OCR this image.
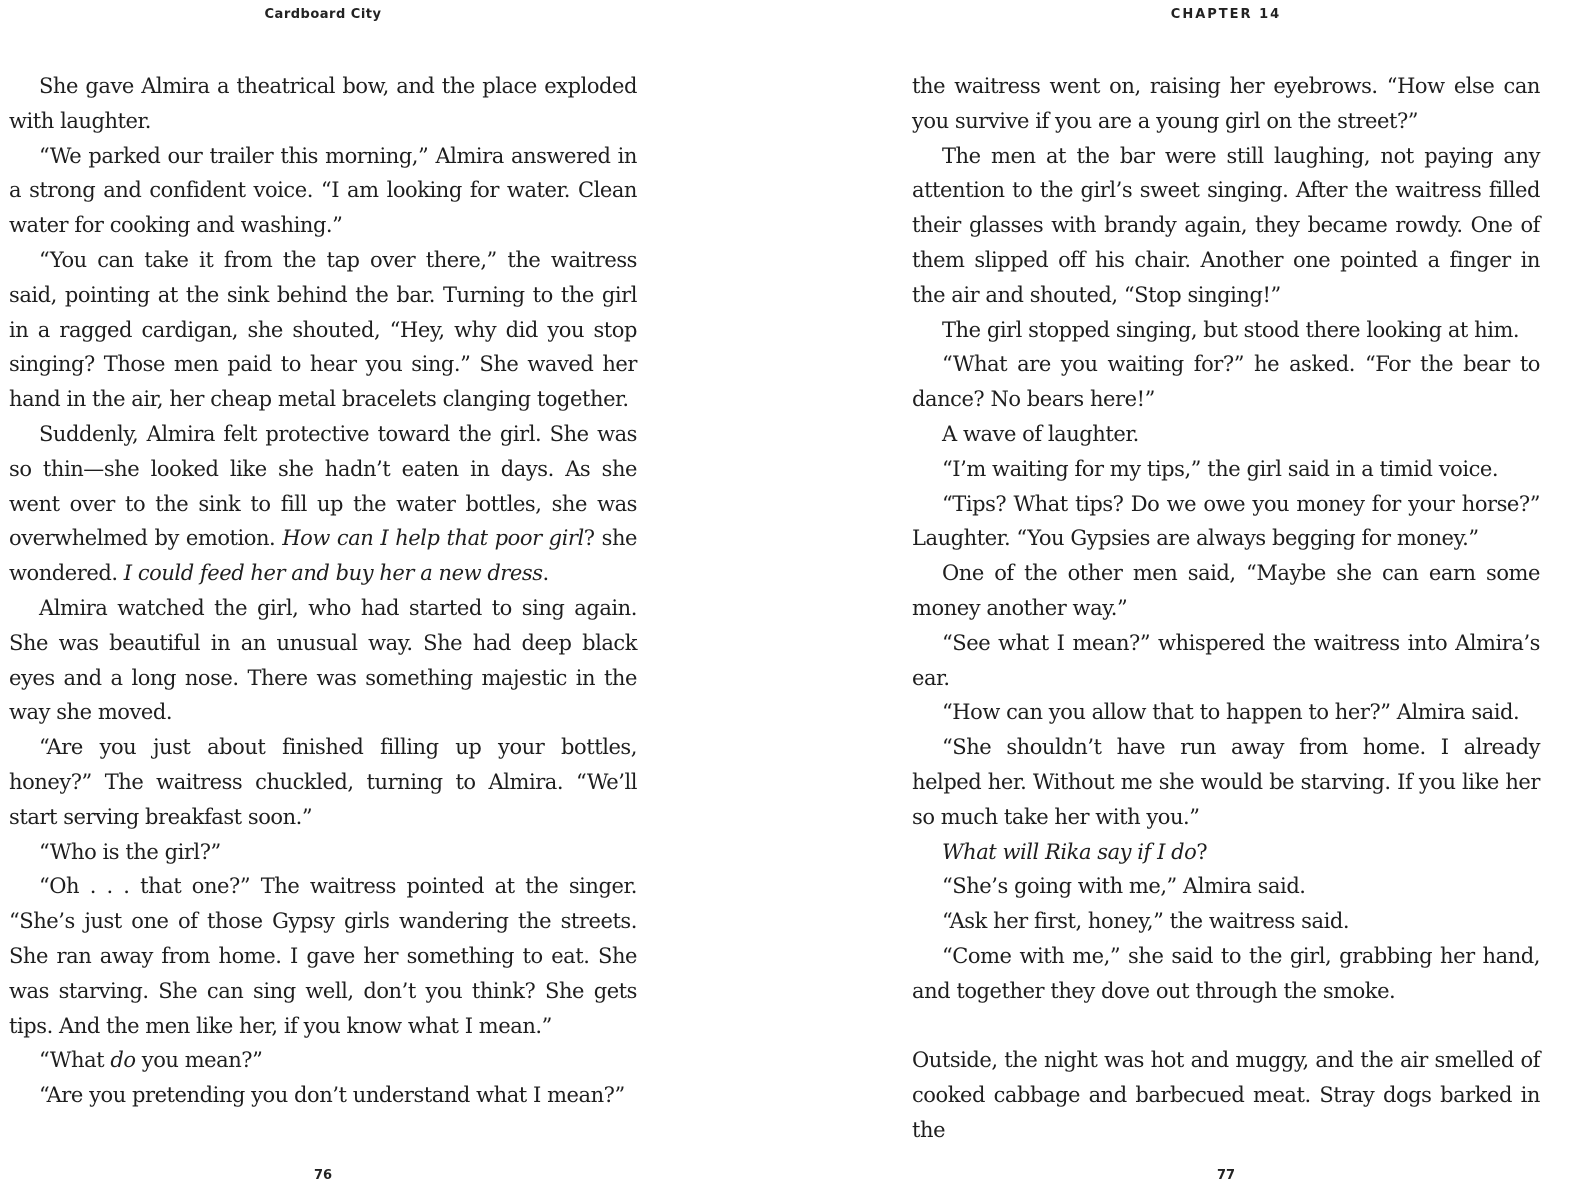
Cardboard City

She gave Almira a theatrical bow, and the place exploded with laughter.

“We parked our trailer this morning,” Almira answered in a strong and confident voice. “I am looking for water. Clean water for cooking and washing.”

“You can take it from the tap over there,” the waitress said, pointing at the sink behind the bar. Turning to the girl in a ragged cardigan, she shouted, “Hey, why did you stop singing? Those men paid to hear you sing.” She waved her hand in the air, her cheap metal bracelets clanging together.

Suddenly, Almira felt protective toward the girl. She was so thin—she looked like she hadn’t eaten in days. As she went over to the sink to fill up the water bottles, she was overwhelmed by emotion. How can I help that poor girl? she wondered. I could feed her and buy her a new dress.

Almira watched the girl, who had started to sing again. She was beautiful in an unusual way. She had deep black eyes and a long nose. There was something majestic in the way she moved.

“Are you just about finished filling up your bottles, honey?” The waitress chuckled, turning to Almira. “We’ll start serving breakfast soon.”

“Who is the girl?”

“Oh . . . that one?” The waitress pointed at the singer. “She’s just one of those Gypsy girls wandering the streets. She ran away from home. I gave her something to eat. She was starving. She can sing well, don’t you think? She gets tips. And the men like her, if you know what I mean.”

“What do you mean?”

“Are you pretending you don’t understand what I mean?”

76
CHAPTER 14

the waitress went on, raising her eyebrows. “How else can you survive if you are a young girl on the street?”

The men at the bar were still laughing, not paying any attention to the girl’s sweet singing. After the waitress filled their glasses with brandy again, they became rowdy. One of them slipped off his chair. Another one pointed a finger in the air and shouted, “Stop singing!”

The girl stopped singing, but stood there looking at him.

“What are you waiting for?” he asked. “For the bear to dance? No bears here!”

A wave of laughter.

“I’m waiting for my tips,” the girl said in a timid voice.

“Tips? What tips? Do we owe you money for your horse?” Laughter. “You Gypsies are always begging for money.”

One of the other men said, “Maybe she can earn some money another way.”

“See what I mean?” whispered the waitress into Almira’s ear.

“How can you allow that to happen to her?” Almira said.

“She shouldn’t have run away from home. I already helped her. Without me she would be starving. If you like her so much take her with you.”

What will Rika say if I do?

“She’s going with me,” Almira said.

“Ask her first, honey,” the waitress said.

“Come with me,” she said to the girl, grabbing her hand, and together they dove out through the smoke.

Outside, the night was hot and muggy, and the air smelled of cooked cabbage and barbecued meat. Stray dogs barked in the

77
